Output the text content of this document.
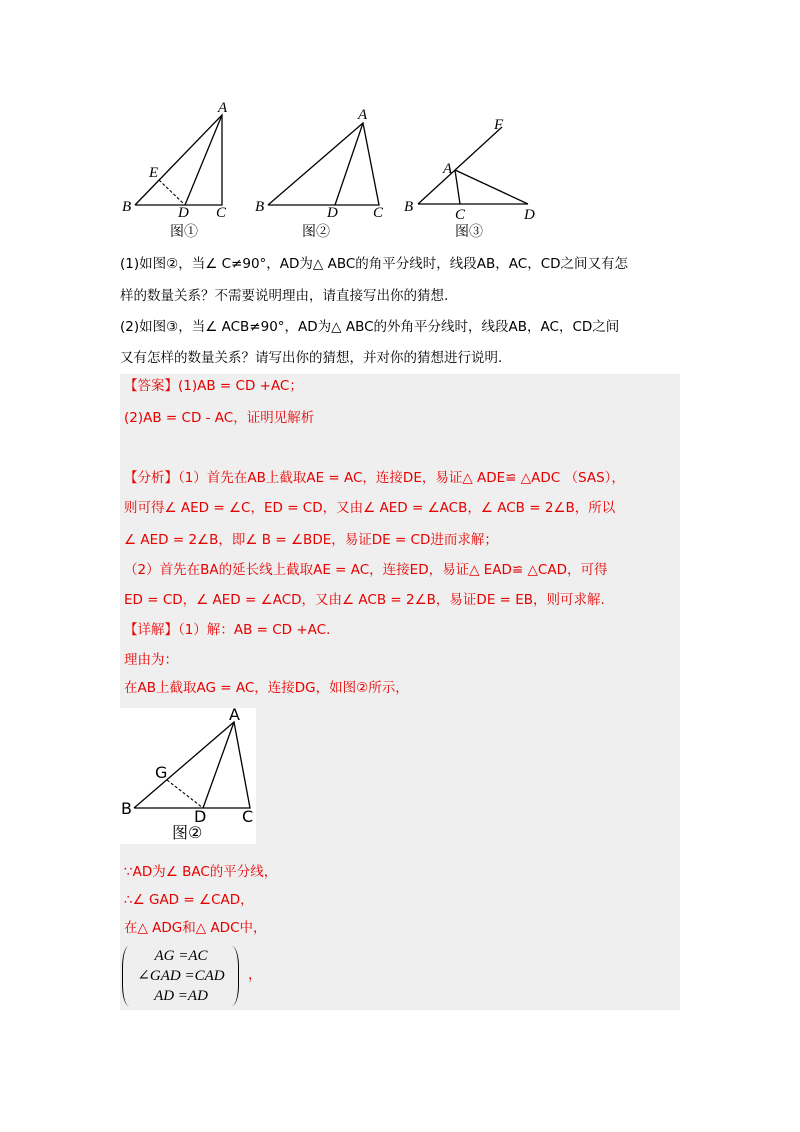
A
B	C
D
E
图①
A
B	C
D
图②
F
A
B	C	D
图③
(1)如图②，当∠ C≠90°，AD为△ ABC的角平分线时，线段AB，AC，CD之间又有怎
样的数量关系？不需要说明理由，请直接写出你的猜想.
(2)如图③，当∠ ACB≠90°，AD为△ ABC的外角平分线时，线段AB，AC，CD之间
又有怎样的数量关系？请写出你的猜想，并对你的猜想进行说明.
【答案】(1)AB = CD +AC；
(2)AB = CD - AC，证明见解析
【分析】（1）首先在AB上截取AE = AC，连接DE，易证△ ADE≌ △ADC （SAS），
则可得∠ AED = ∠C，ED = CD，又由∠ AED = ∠ACB，∠ ACB = 2∠B，所以
∠ AED = 2∠B，即∠ B = ∠BDE，易证DE = CD进而求解；
（2）首先在BA的延长线上截取AE = AC，连接ED，易证△ EAD≌ △CAD，可得
ED = CD，∠ AED = ∠ACD，又由∠ ACB = 2∠B，易证DE = EB，则可求解.
【详解】（1）解：AB = CD +AC.
理由为：
在AB上截取AG = AC，连接DG，如图②所示，
A
B	C
D
G
图②
∵AD为∠ BAC的平分线，
∴∠ GAD = ∠CAD，
在△ ADG和△ ADC中，
AG =AC
∠GAD =CAD
AD =AD
，
